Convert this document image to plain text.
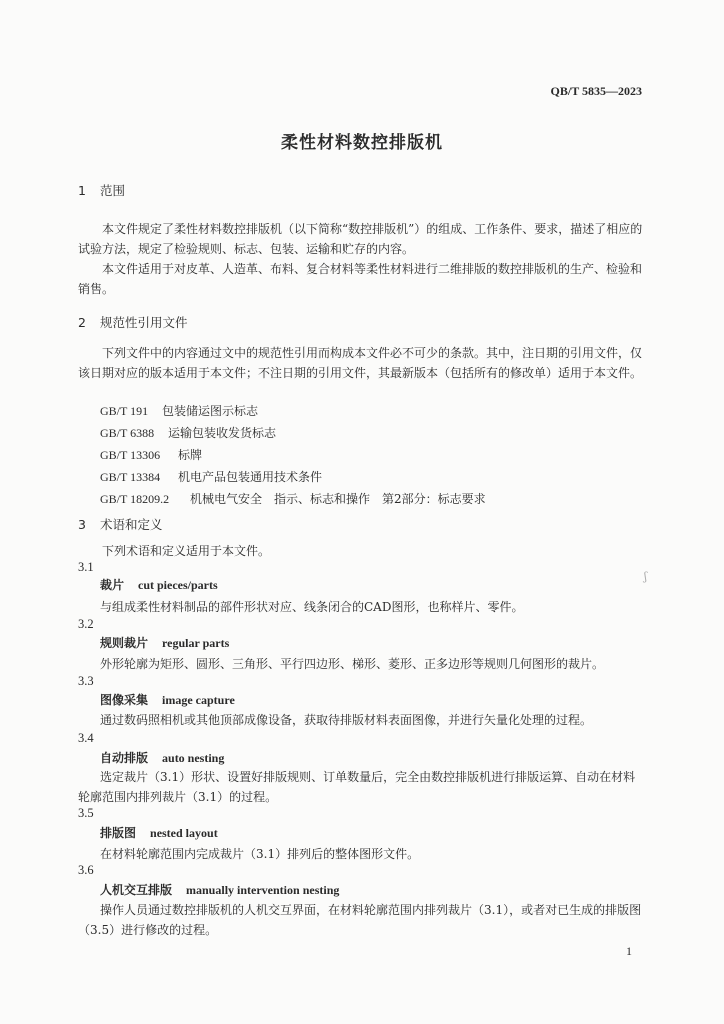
QB/T 5835—2023
柔性材料数控排版机
1 范围

本文件规定了柔性材料数控排版机（以下简称“数控排版机”）的组成、工作条件、要求，描述了相应的试验方法，规定了检验规则、标志、包装、运输和贮存的内容。

本文件适用于对皮革、人造革、布料、复合材料等柔性材料进行二维排版的数控排版机的生产、检验和销售。

2 规范性引用文件

下列文件中的内容通过文中的规范性引用而构成本文件必不可少的条款。其中，注日期的引用文件，仅该日期对应的版本适用于本文件；不注日期的引用文件，其最新版本（包括所有的修改单）适用于本文件。

GB/T 191 包装储运图示标志
GB/T 6388 运输包装收发货标志
GB/T 13306 标牌
GB/T 13384 机电产品包装通用技术条件
GB/T 18209.2 机械电气安全　指示、标志和操作　第2部分：标志要求
3 术语和定义

下列术语和定义适用于本文件。

3.1
裁片 cut pieces/parts

与组成柔性材料制品的部件形状对应、线条闭合的CAD图形，也称样片、零件。

3.2
规则裁片 regular parts

外形轮廓为矩形、圆形、三角形、平行四边形、梯形、菱形、正多边形等规则几何图形的裁片。

3.3
图像采集 image capture

通过数码照相机或其他顶部成像设备，获取待排版材料表面图像，并进行矢量化处理的过程。

3.4
自动排版 auto nesting

选定裁片（3.1）形状、设置好排版规则、订单数量后，完全由数控排版机进行排版运算、自动在材料轮廓范围内排列裁片（3.1）的过程。

3.5
排版图 nested layout

在材料轮廓范围内完成裁片（3.1）排列后的整体图形文件。

3.6
人机交互排版 manually intervention nesting

操作人员通过数控排版机的人机交互界面，在材料轮廓范围内排列裁片（3.1），或者对已生成的排版图（3.5）进行修改的过程。

ʃ
1
